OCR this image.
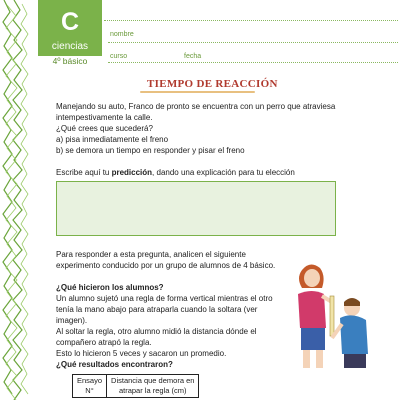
C
ciencias
4º básico
nombre
curso	fecha
TIEMPO DE REACCIÓN
Manejando su auto, Franco de pronto se encuentra con un perro que atraviesa
intempestivamente la calle.
¿Qué crees que sucederá?
a) pisa inmediatamente el freno
b) se demora un tiempo en responder y pisar el freno
Escribe aquí tu predicción, dando una explicación para tu elección
Para responder a esta pregunta, analicen el siguiente
experimento conducido por un grupo de alumnos de 4 básico.
¿Qué hicieron los alumnos?
Un alumno sujetó una regla de forma vertical mientras el otro
tenía la mano abajo para atraparla cuando la soltara (ver
imagen).
Al soltar la regla, otro alumno midió la distancia dónde el
compañero atrapó la regla.
Esto lo hicieron 5 veces y sacaron un promedio.
¿Qué resultados encontraron?
Ensayo
N°	Distancia que demora en
atrapar la regla (cm)
